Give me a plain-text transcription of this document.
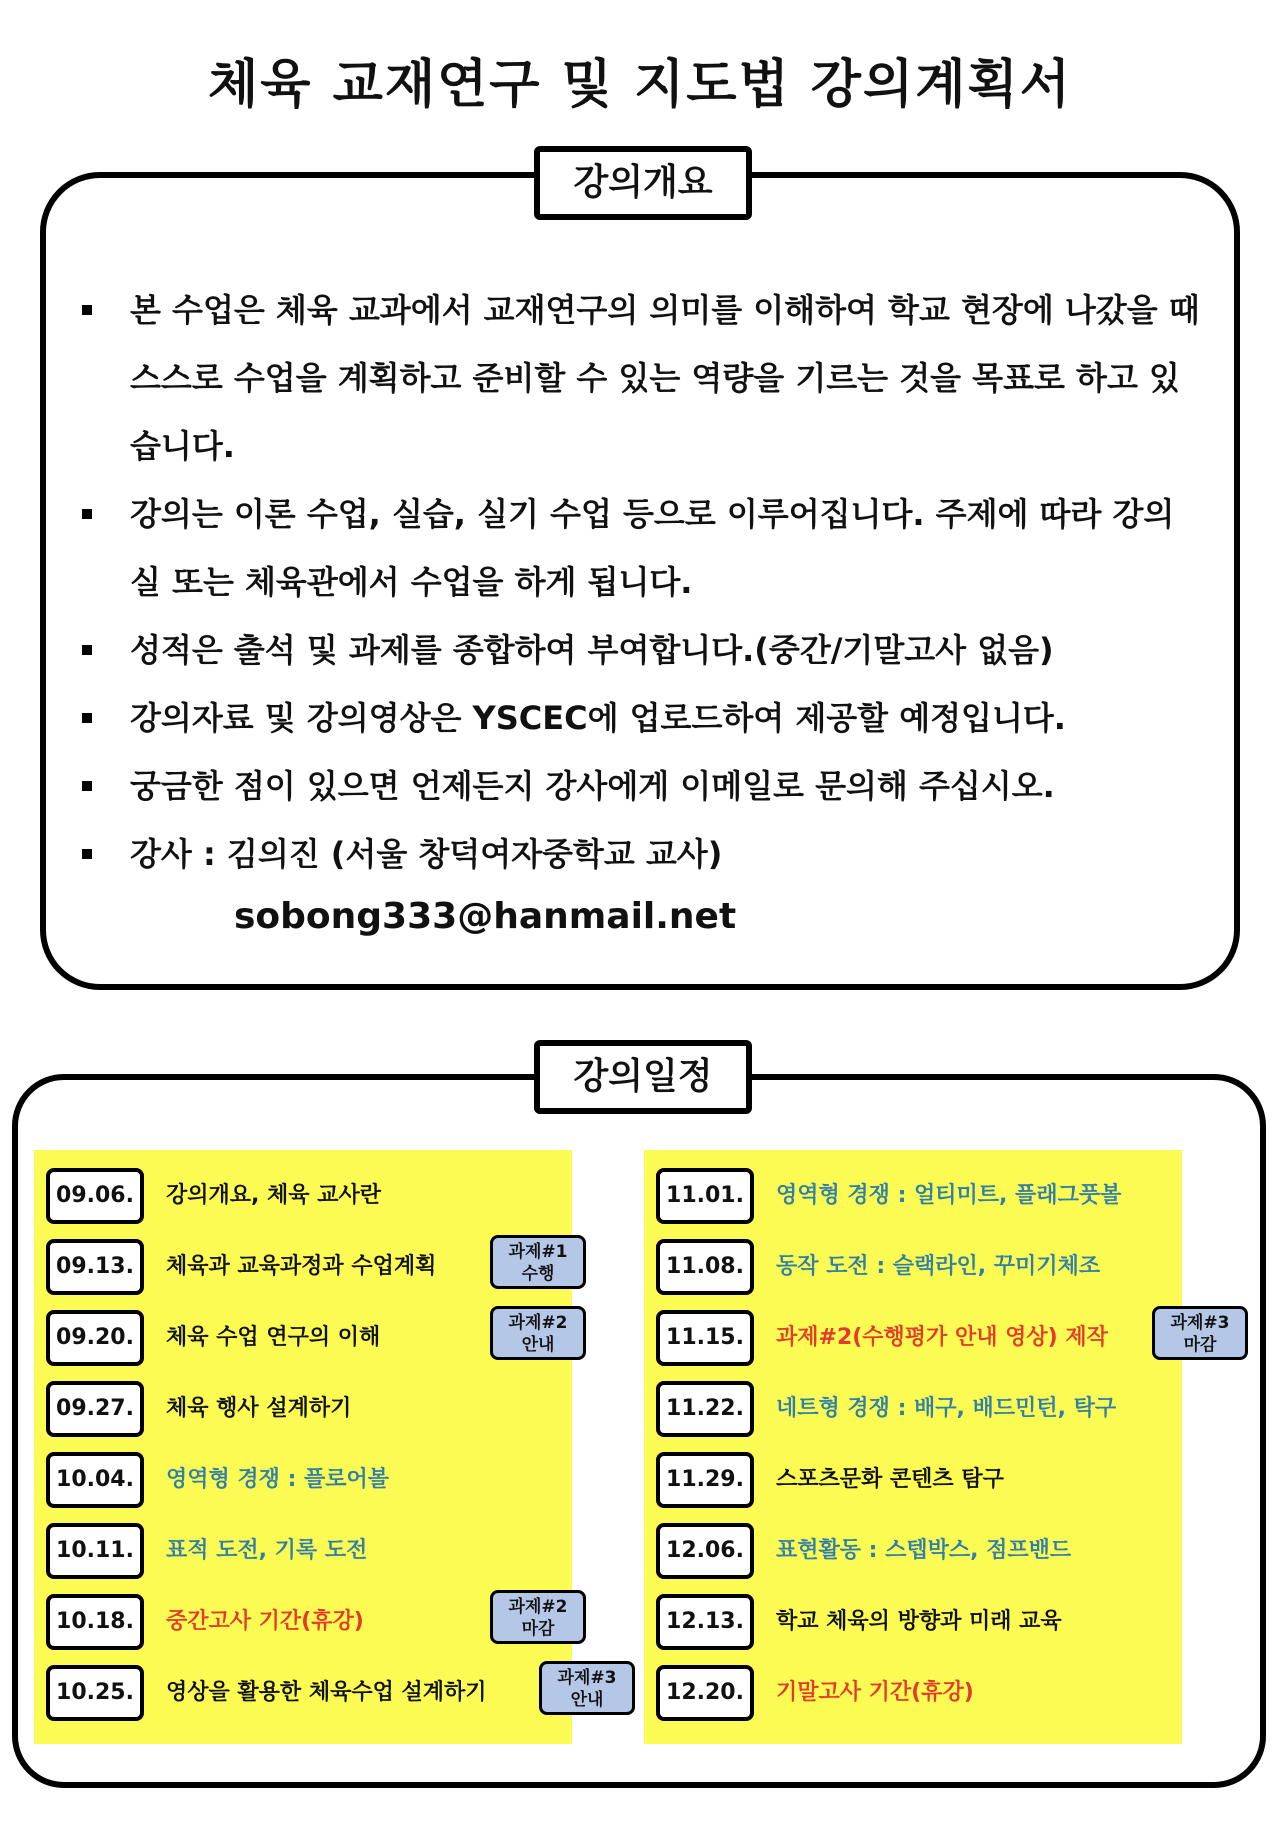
체육 교재연구 및 지도법 강의계획서
강의개요
본 수업은 체육 교과에서 교재연구의 의미를 이해하여 학교 현장에 나갔을 때 스스로 수업을 계획하고 준비할 수 있는 역량을 기르는 것을 목표로 하고 있습니다.
강의는 이론 수업, 실습, 실기 수업 등으로 이루어집니다. 주제에 따라 강의실 또는 체육관에서 수업을 하게 됩니다.
성적은 출석 및 과제를 종합하여 부여합니다.(중간/기말고사 없음)
강의자료 및 강의영상은 YSCEC에 업로드하여 제공할 예정입니다.
궁금한 점이 있으면 언제든지 강사에게 이메일로 문의해 주십시오.
강사 : 김의진 (서울 창덕여자중학교 교사)
sobong333@hanmail.net
강의일정
09.06.	강의개요, 체육 교사란
09.13.	체육과 교육과정과 수업계획
과제#1
수행
09.20.	체육 수업 연구의 이해
과제#2
안내
09.27.	체육 행사 설계하기
10.04.	영역형 경쟁 : 플로어볼
10.11.	표적 도전, 기록 도전
10.18.	중간고사 기간(휴강)
과제#2
마감
10.25.	영상을 활용한 체육수업 설계하기
과제#3
안내
11.01.	영역형 경쟁 : 얼티미트, 플래그풋볼
11.08.	동작 도전 : 슬랙라인, 꾸미기체조
11.15.	과제#2(수행평가 안내 영상) 제작
과제#3
마감
11.22.	네트형 경쟁 : 배구, 배드민턴, 탁구
11.29.	스포츠문화 콘텐츠 탐구
12.06.	표현활동 : 스텝박스, 점프밴드
12.13.	학교 체육의 방향과 미래 교육
12.20.	기말고사 기간(휴강)
